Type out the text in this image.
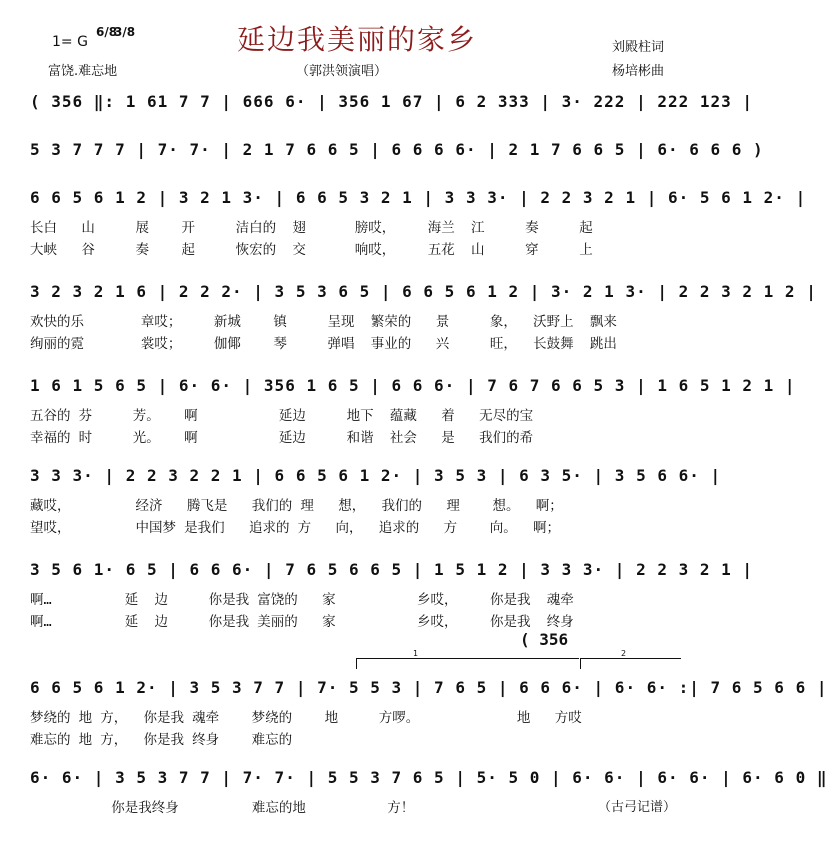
延边我美丽的家乡
1= G
6/8
3/8
富饶.难忘地	（郭洪领演唱）
刘殿柱词
杨培彬曲
( 356 ‖: 1 61 7 7 | 666 6· | 356 1 67 | 6 2 333 | 3· 222 | 222 123 |
5 3 7 7 7 | 7· 7· | 2 1 7 6 6 5 | 6 6 6 6· | 2 1 7 6 6 5 | 6· 6 6 6 )
6 6 5 6 1 2 | 3 2 1 3· | 6 6 5 3 2 1 | 3 3 3· | 2 2 3 2 1 | 6· 5 6 1 2· |
长白   山     展    开     洁白的  翅      膀哎，    海兰  江     奏     起
大峡   谷     奏    起     恢宏的  交      响哎，    五花  山     穿     上
3 2 3 2 1 6 | 2 2 2· | 3 5 3 6 5 | 6 6 5 6 1 2 | 3· 2 1 3· | 2 2 3 2 1 2 |
欢快的乐       章哎；    新城    镇     呈现  繁荣的   景     象，  沃野上  飘来
绚丽的霓       裳哎；    伽倻    琴     弹唱  事业的   兴     旺，  长鼓舞  跳出
1 6 1 5 6 5 | 6· 6· | 356 1 6 5 | 6 6 6· | 7 6 7 6 6 5 3 | 1 6 5 1 2 1 |
五谷的 芬     芳。   啊          延边     地下  蕴藏   着   无尽的宝
幸福的 时     光。   啊          延边     和谐  社会   是   我们的希
3 3 3· | 2 2 3 2 2 1 | 6 6 5 6 1 2· | 3 5 3 | 6 3 5· | 3 5 6 6· |
藏哎，        经济   腾飞是   我们的 理   想，  我们的   理    想。  啊；
望哎，        中国梦 是我们   追求的 方   向，  追求的   方    向。  啊；
3 5 6 1· 6 5 | 6 6 6· | 7 6 5 6 6 5 | 1 5 1 2 | 3 3 3· | 2 2 3 2 1 |
啊…         延  边     你是我 富饶的   家          乡哎，    你是我  魂牵
啊…         延  边     你是我 美丽的   家          乡哎，    你是我  终身
( 356
1	2
6 6 5 6 1 2· | 3 5 3 7 7 | 7· 5 5 3 | 7 6 5 | 6 6 6· | 6· 6· :| 7 6 5 6 6 |
梦绕的 地 方，  你是我 魂牵    梦绕的    地     方啰。            地   方哎
难忘的 地 方，  你是我 终身    难忘的
6· 6· | 3 5 3 7 7 | 7· 7· | 5 5 3 7 6 5 | 5· 5 0 | 6· 6· | 6· 6· | 6· 6 0 ‖
你是我终身         难忘的地          方！	（古弓记谱）
